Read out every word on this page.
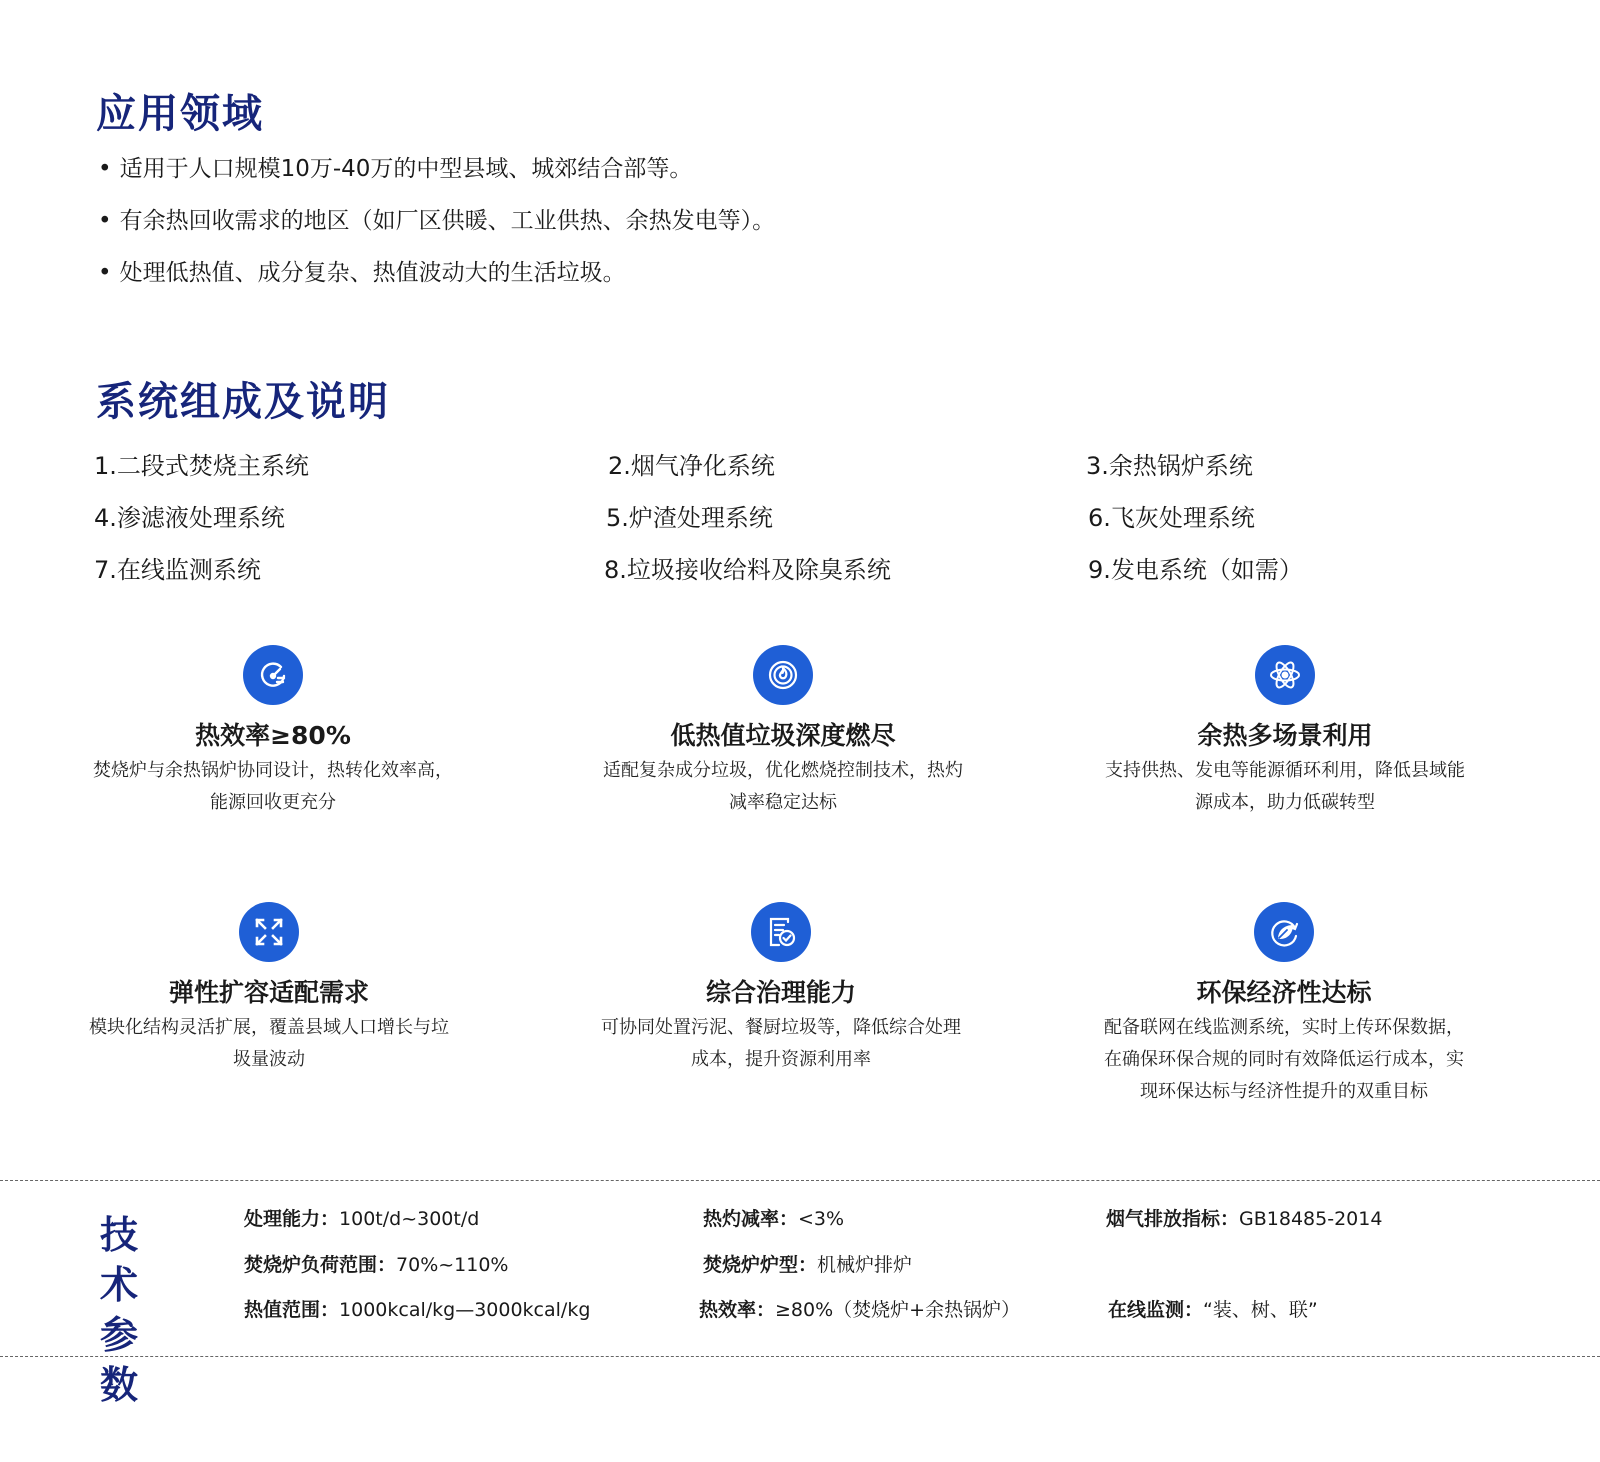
应用领域
• 适用于人口规模10万-40万的中型县域、城郊结合部等。
• 有余热回收需求的地区（如厂区供暖、工业供热、余热发电等）。
• 处理低热值、成分复杂、热值波动大的生活垃圾。
系统组成及说明
1.二段式焚烧主系统	2.烟气净化系统	3.余热锅炉系统
4.渗滤液处理系统	5.炉渣处理系统	6.飞灰处理系统
7.在线监测系统	8.垃圾接收给料及除臭系统	9.发电系统（如需）
热效率≥80%
焚烧炉与余热锅炉协同设计，热转化效率高，能源回收更充分
低热值垃圾深度燃尽
适配复杂成分垃圾，优化燃烧控制技术，热灼减率稳定达标
余热多场景利用
支持供热、发电等能源循环利用，降低县域能源成本，助力低碳转型
弹性扩容适配需求
模块化结构灵活扩展，覆盖县域人口增长与垃圾量波动
综合治理能力
可协同处置污泥、餐厨垃圾等，降低综合处理成本，提升资源利用率
环保经济性达标
配备联网在线监测系统，实时上传环保数据，在确保环保合规的同时有效降低运行成本，实现环保达标与经济性提升的双重目标
技 术 参 数
处理能力：100t/d~300t/d	热灼减率：<3%	烟气排放指标：GB18485-2014
焚烧炉负荷范围：70%~110%	焚烧炉炉型：机械炉排炉
热值范围：1000kcal/kg—3000kcal/kg	热效率：≥80%（焚烧炉+余热锅炉）	在线监测：“装、树、联”
